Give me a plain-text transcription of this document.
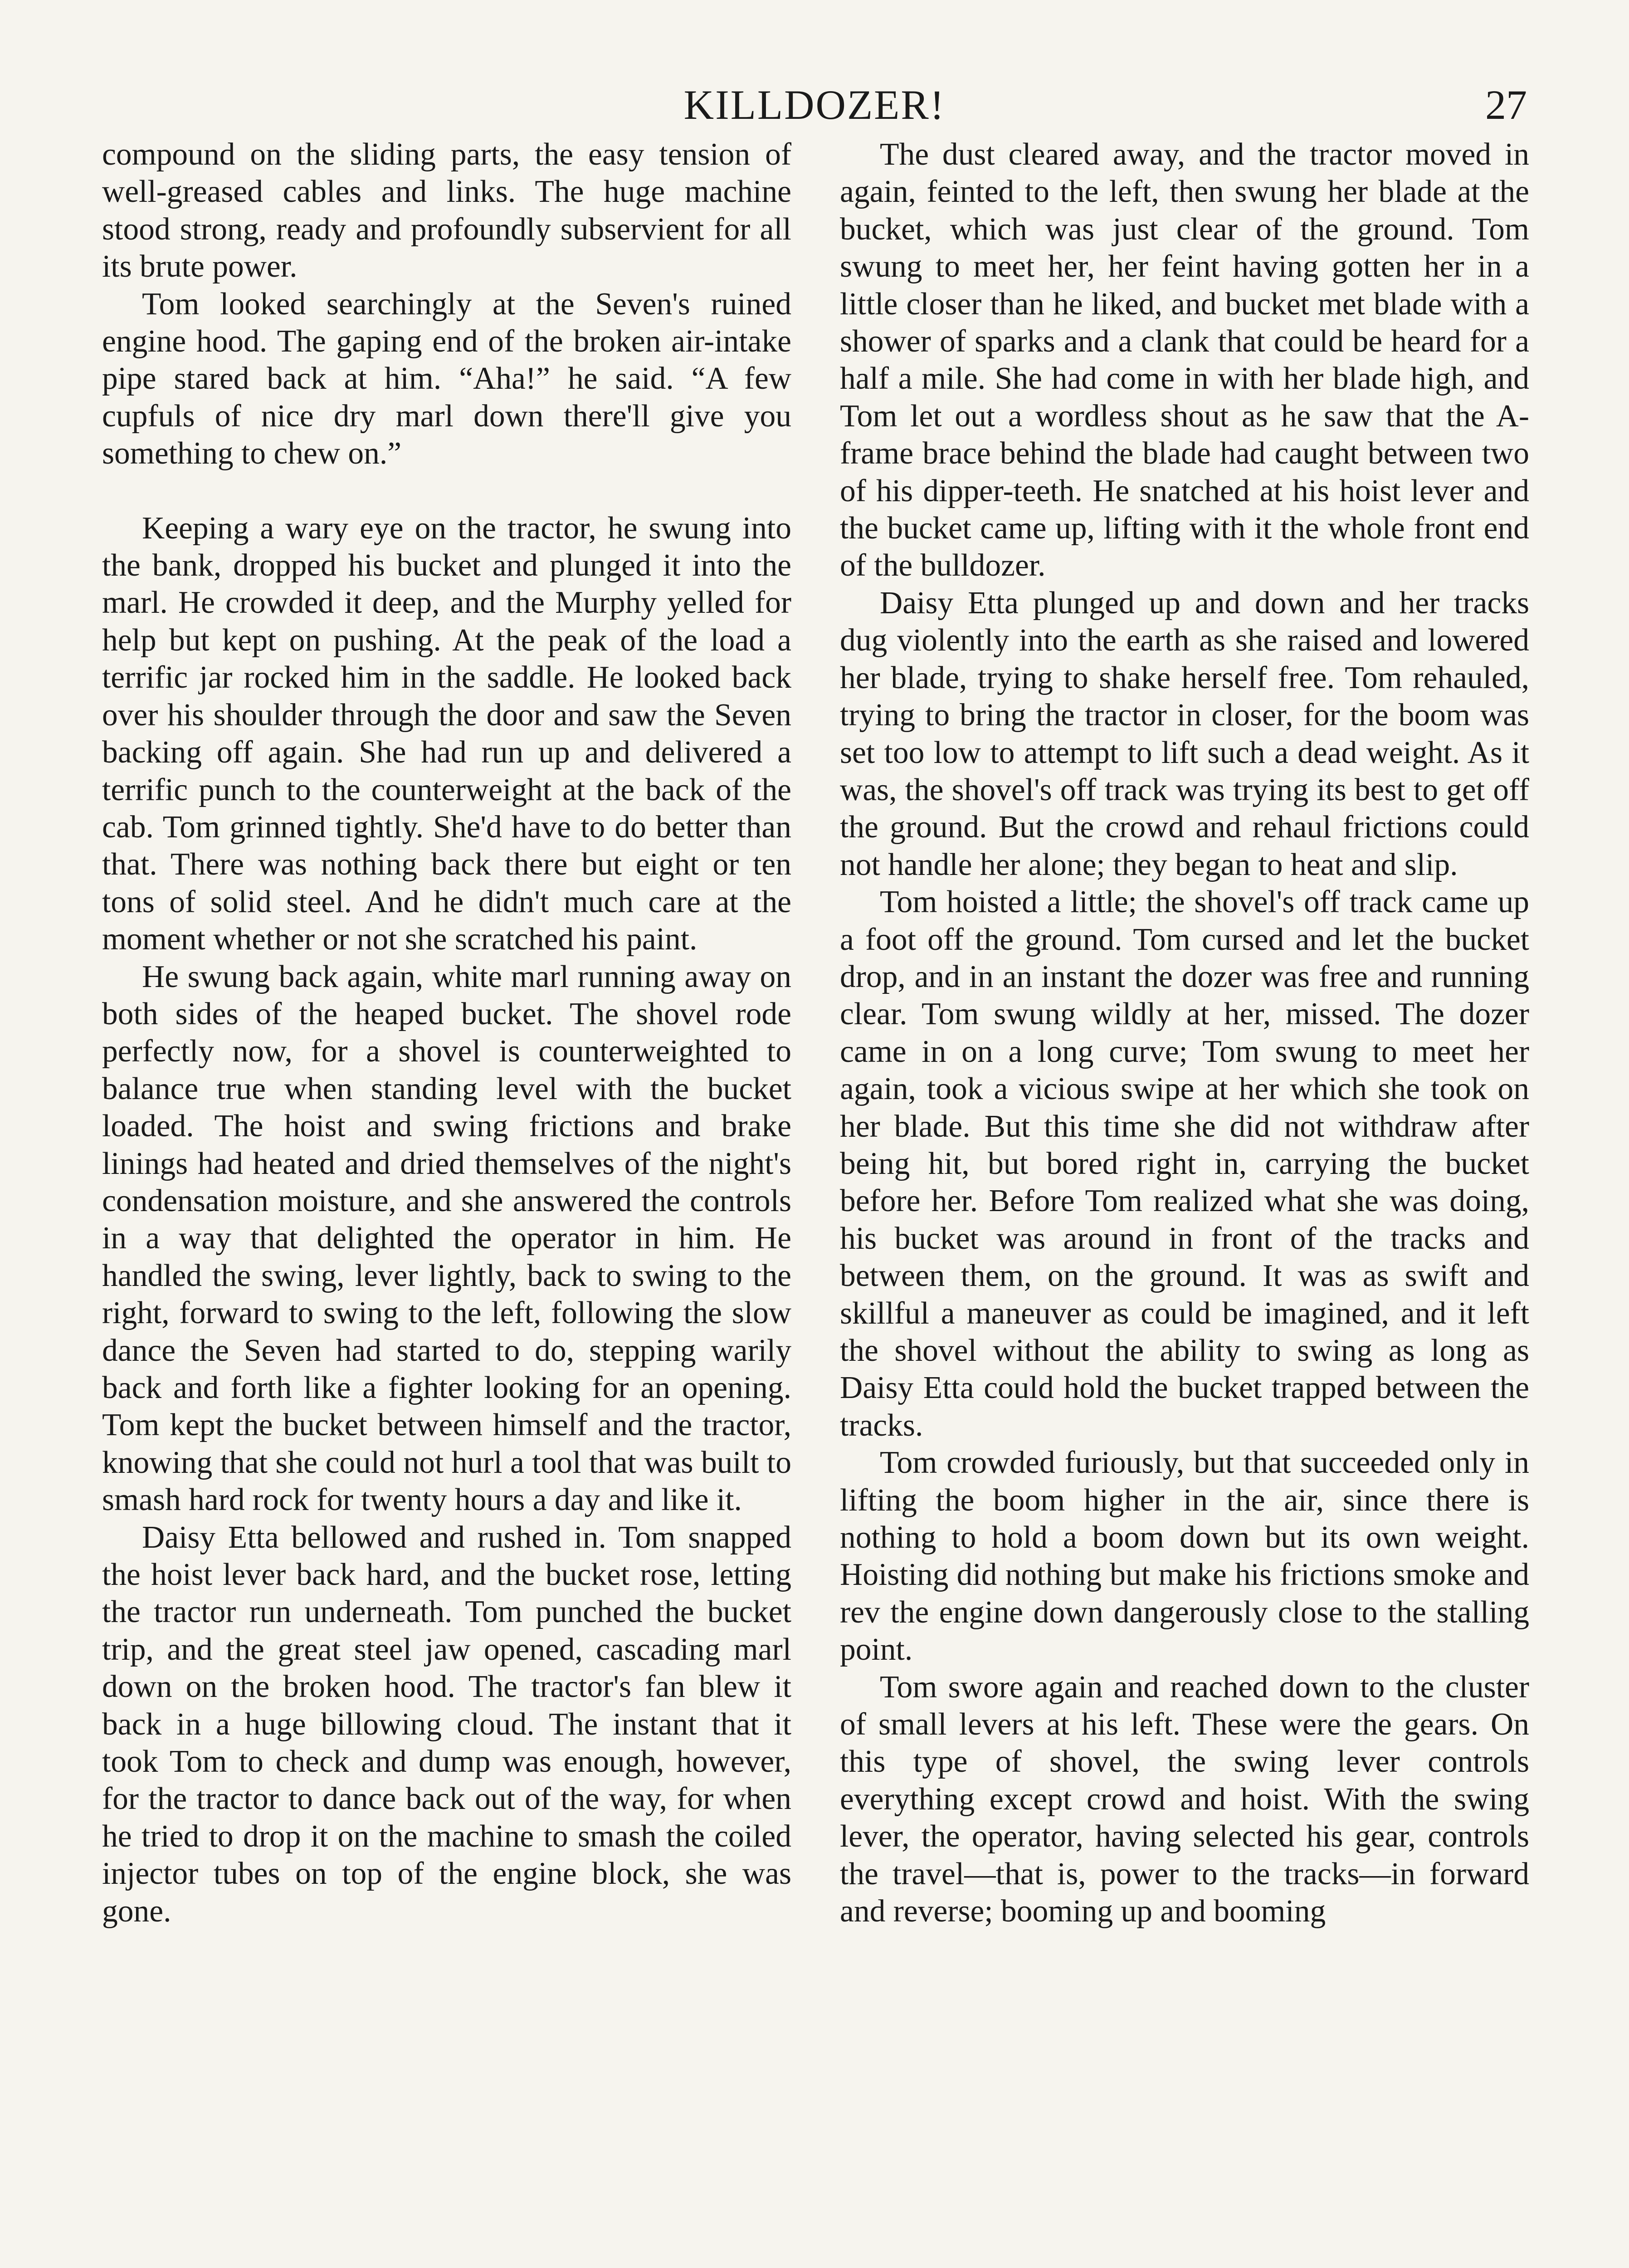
KILLDOZER!	27

compound on the sliding parts, the easy tension of well-greased cables and links. The huge machine stood strong, ready and profoundly subservient for all its brute power.

Tom looked searchingly at the Seven's ruined engine hood. The gaping end of the broken air-intake pipe stared back at him. “Aha!” he said. “A few cupfuls of nice dry marl down there'll give you something to chew on.”

Keeping a wary eye on the tractor, he swung into the bank, dropped his bucket and plunged it into the marl. He crowded it deep, and the Murphy yelled for help but kept on pushing. At the peak of the load a terrific jar rocked him in the saddle. He looked back over his shoulder through the door and saw the Seven backing off again. She had run up and delivered a terrific punch to the counterweight at the back of the cab. Tom grinned tightly. She'd have to do better than that. There was nothing back there but eight or ten tons of solid steel. And he didn't much care at the moment whether or not she scratched his paint.

He swung back again, white marl running away on both sides of the heaped bucket. The shovel rode perfectly now, for a shovel is counterweighted to balance true when standing level with the bucket loaded. The hoist and swing frictions and brake linings had heated and dried themselves of the night's condensation moisture, and she answered the controls in a way that delighted the operator in him. He handled the swing, lever lightly, back to swing to the right, forward to swing to the left, following the slow dance the Seven had started to do, stepping warily back and forth like a fighter looking for an opening. Tom kept the bucket between himself and the tractor, knowing that she could not hurl a tool that was built to smash hard rock for twenty hours a day and like it.

Daisy Etta bellowed and rushed in. Tom snapped the hoist lever back hard, and the bucket rose, letting the tractor run underneath. Tom punched the bucket trip, and the great steel jaw opened, cascading marl down on the broken hood. The tractor's fan blew it back in a huge billowing cloud. The instant that it took Tom to check and dump was enough, however, for the tractor to dance back out of the way, for when he tried to drop it on the machine to smash the coiled injector tubes on top of the engine block, she was gone.

The dust cleared away, and the tractor moved in again, feinted to the left, then swung her blade at the bucket, which was just clear of the ground. Tom swung to meet her, her feint having gotten her in a little closer than he liked, and bucket met blade with a shower of sparks and a clank that could be heard for a half a mile. She had come in with her blade high, and Tom let out a wordless shout as he saw that the A-frame brace behind the blade had caught between two of his dipper-teeth. He snatched at his hoist lever and the bucket came up, lifting with it the whole front end of the bulldozer.

Daisy Etta plunged up and down and her tracks dug violently into the earth as she raised and lowered her blade, trying to shake herself free. Tom rehauled, trying to bring the tractor in closer, for the boom was set too low to attempt to lift such a dead weight. As it was, the shovel's off track was trying its best to get off the ground. But the crowd and rehaul frictions could not handle her alone; they began to heat and slip.

Tom hoisted a little; the shovel's off track came up a foot off the ground. Tom cursed and let the bucket drop, and in an instant the dozer was free and running clear. Tom swung wildly at her, missed. The dozer came in on a long curve; Tom swung to meet her again, took a vicious swipe at her which she took on her blade. But this time she did not withdraw after being hit, but bored right in, carrying the bucket before her. Before Tom realized what she was doing, his bucket was around in front of the tracks and between them, on the ground. It was as swift and skillful a maneuver as could be imagined, and it left the shovel without the ability to swing as long as Daisy Etta could hold the bucket trapped between the tracks.

Tom crowded furiously, but that succeeded only in lifting the boom higher in the air, since there is nothing to hold a boom down but its own weight. Hoisting did nothing but make his frictions smoke and rev the engine down dangerously close to the stalling point.

Tom swore again and reached down to the cluster of small levers at his left. These were the gears. On this type of shovel, the swing lever controls everything except crowd and hoist. With the swing lever, the operator, having selected his gear, controls the travel—that is, power to the tracks—in forward and reverse; booming up and booming
